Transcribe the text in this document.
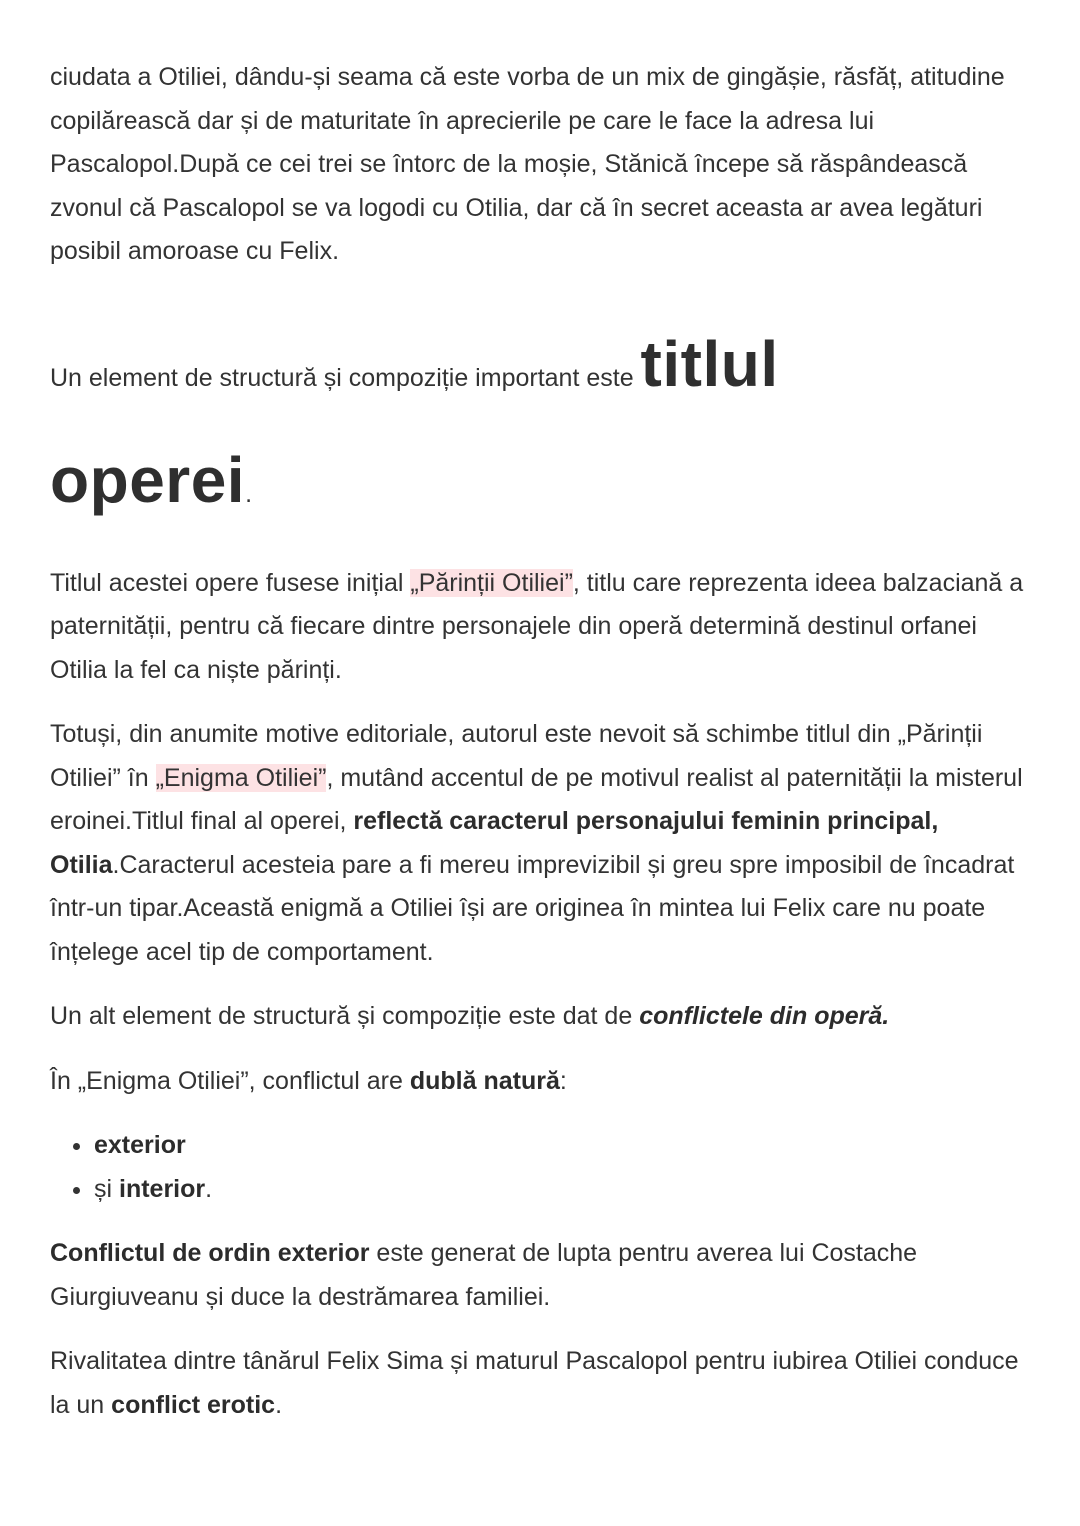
ciudata a Otiliei, dându-și seama că este vorba de un mix de gingășie, răsfăț, atitudine copilărească dar și de maturitate în aprecierile pe care le face la adresa lui Pascalopol.După ce cei trei se întorc de la moșie, Stănică începe să răspândească zvonul că Pascalopol se va logodi cu Otilia, dar că în secret aceasta ar avea legături posibil amoroase cu Felix.

Un element de structură și compoziție important este titlul

operei.

Titlul acestei opere fusese inițial „Părinții Otiliei”, titlu care reprezenta ideea balzaciană a paternității, pentru că fiecare dintre personajele din operă determină destinul orfanei Otilia la fel ca niște părinți.

Totuși, din anumite motive editoriale, autorul este nevoit să schimbe titlul din „Părinții Otiliei” în „Enigma Otiliei”, mutând accentul de pe motivul realist al paternității la misterul eroinei.Titlul final al operei, reflectă caracterul personajului feminin principal, Otilia.Caracterul acesteia pare a fi mereu imprevizibil și greu spre imposibil de încadrat într-un tipar.Această enigmă a Otiliei își are originea în mintea lui Felix care nu poate înțelege acel tip de comportament.

Un alt element de structură și compoziție este dat de conflictele din operă.

În „Enigma Otiliei”, conflictul are dublă natură:

• exterior
• și interior.

Conflictul de ordin exterior este generat de lupta pentru averea lui Costache Giurgiuveanu și duce la destrămarea familiei.

Rivalitatea dintre tânărul Felix Sima și maturul Pascalopol pentru iubirea Otiliei conduce la un conflict erotic.
